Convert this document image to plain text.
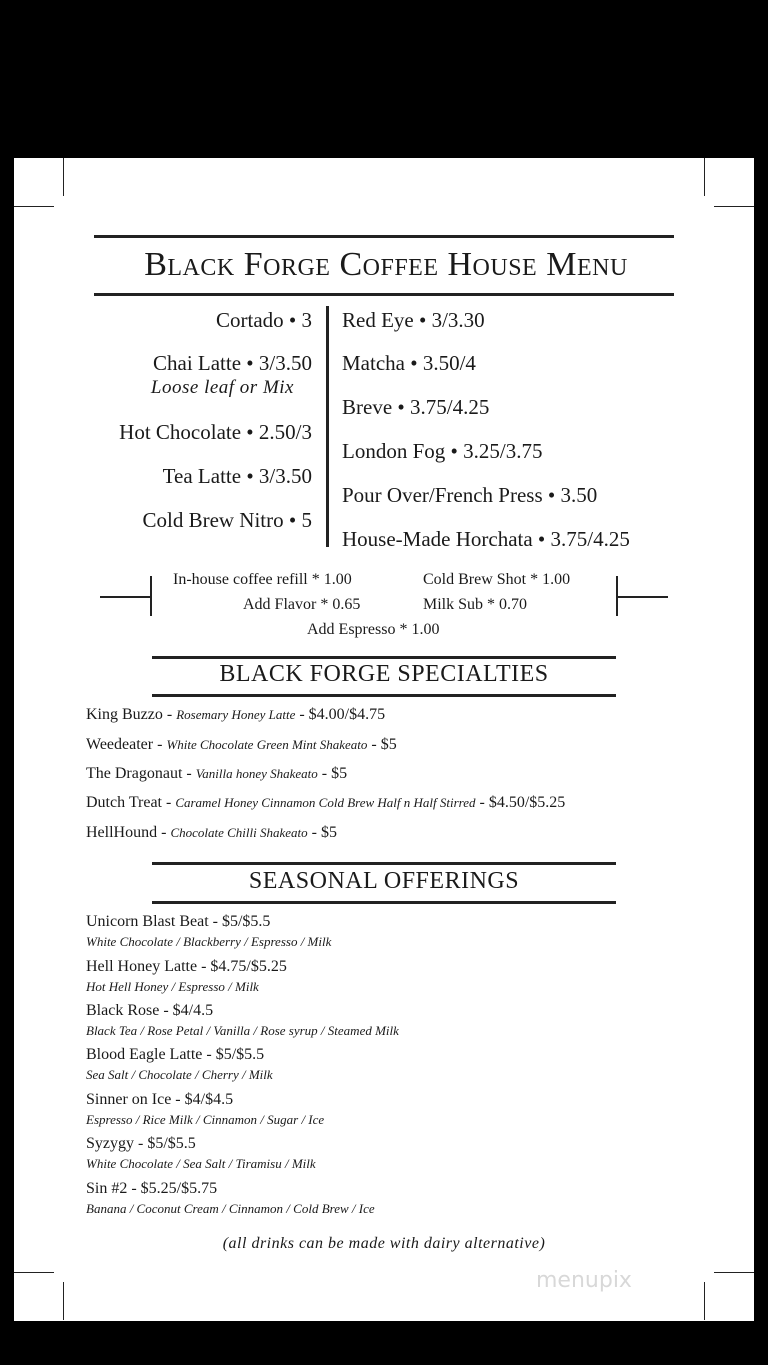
Black Forge Coffee House Menu
Cortado • 3
Chai Latte • 3/3.50
Loose leaf or Mix
Hot Chocolate • 2.50/3
Tea Latte • 3/3.50
Cold Brew Nitro • 5
Red Eye • 3/3.30
Matcha • 3.50/4
Breve • 3.75/4.25
London Fog • 3.25/3.75
Pour Over/French Press • 3.50
House-Made Horchata • 3.75/4.25
In-house coffee refill * 1.00
Add Flavor * 0.65
Cold Brew Shot * 1.00
Milk Sub * 0.70
Add Espresso * 1.00
BLACK FORGE SPECIALTIES
King Buzzo - Rosemary Honey Latte - $4.00/$4.75
Weedeater - White Chocolate Green Mint Shakeato - $5
The Dragonaut - Vanilla honey Shakeato - $5
Dutch Treat - Caramel Honey Cinnamon Cold Brew Half n Half Stirred - $4.50/$5.25
HellHound - Chocolate Chilli Shakeato - $5
SEASONAL OFFERINGS
Unicorn Blast Beat - $5/$5.5
White Chocolate / Blackberry / Espresso / Milk
Hell Honey Latte - $4.75/$5.25
Hot Hell Honey / Espresso / Milk
Black Rose - $4/4.5
Black Tea / Rose Petal / Vanilla / Rose syrup / Steamed Milk
Blood Eagle Latte - $5/$5.5
Sea Salt / Chocolate / Cherry / Milk
Sinner on Ice - $4/$4.5
Espresso / Rice Milk / Cinnamon / Sugar / Ice
Syzygy - $5/$5.5
White Chocolate / Sea Salt / Tiramisu / Milk
Sin #2 - $5.25/$5.75
Banana / Coconut Cream / Cinnamon / Cold Brew / Ice
(all drinks can be made with dairy alternative)
menupix
